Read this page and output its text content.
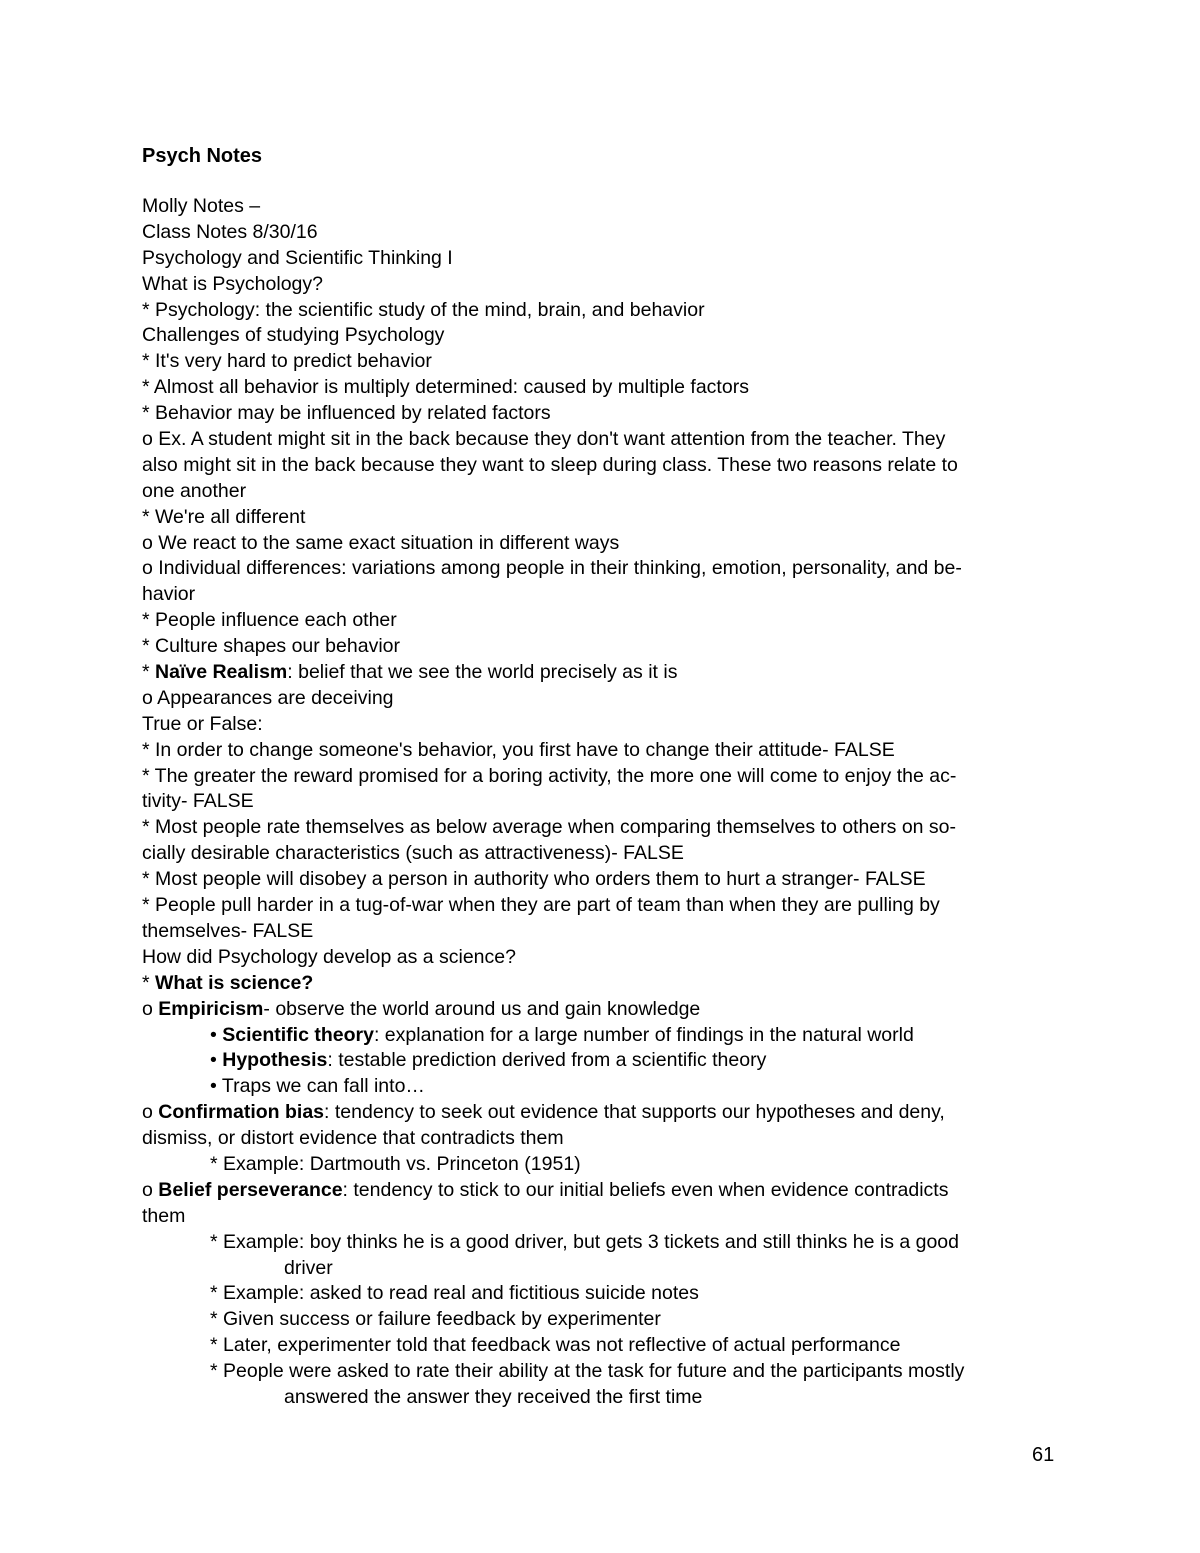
Psych Notes
Molly Notes –
Class Notes 8/30/16
Psychology and Scientific Thinking I
What is Psychology?
* Psychology: the scientific study of the mind, brain, and behavior
Challenges of studying Psychology
* It's very hard to predict behavior
* Almost all behavior is multiply determined: caused by multiple factors
* Behavior may be influenced by related factors
o Ex. A student might sit in the back because they don't want attention from the teacher. They
also might sit in the back because they want to sleep during class. These two reasons relate to
one another
* We're all different
o We react to the same exact situation in different ways
o Individual differences: variations among people in their thinking, emotion, personality, and be-
havior
* People influence each other
* Culture shapes our behavior
* Naïve Realism: belief that we see the world precisely as it is
o Appearances are deceiving
True or False:
* In order to change someone's behavior, you first have to change their attitude- FALSE
* The greater the reward promised for a boring activity, the more one will come to enjoy the ac-
tivity- FALSE
* Most people rate themselves as below average when comparing themselves to others on so-
cially desirable characteristics (such as attractiveness)- FALSE
* Most people will disobey a person in authority who orders them to hurt a stranger- FALSE
* People pull harder in a tug-of-war when they are part of team than when they are pulling by
themselves- FALSE
How did Psychology develop as a science?
* What is science?
o Empiricism- observe the world around us and gain knowledge
• Scientific theory: explanation for a large number of findings in the natural world
• Hypothesis: testable prediction derived from a scientific theory
• Traps we can fall into…
o Confirmation bias: tendency to seek out evidence that supports our hypotheses and deny,
dismiss, or distort evidence that contradicts them
* Example: Dartmouth vs. Princeton (1951)
o Belief perseverance: tendency to stick to our initial beliefs even when evidence contradicts
them
* Example: boy thinks he is a good driver, but gets 3 tickets and still thinks he is a good
driver
* Example: asked to read real and fictitious suicide notes
* Given success or failure feedback by experimenter
* Later, experimenter told that feedback was not reflective of actual performance
* People were asked to rate their ability at the task for future and the participants mostly
answered the answer they received the first time
61
